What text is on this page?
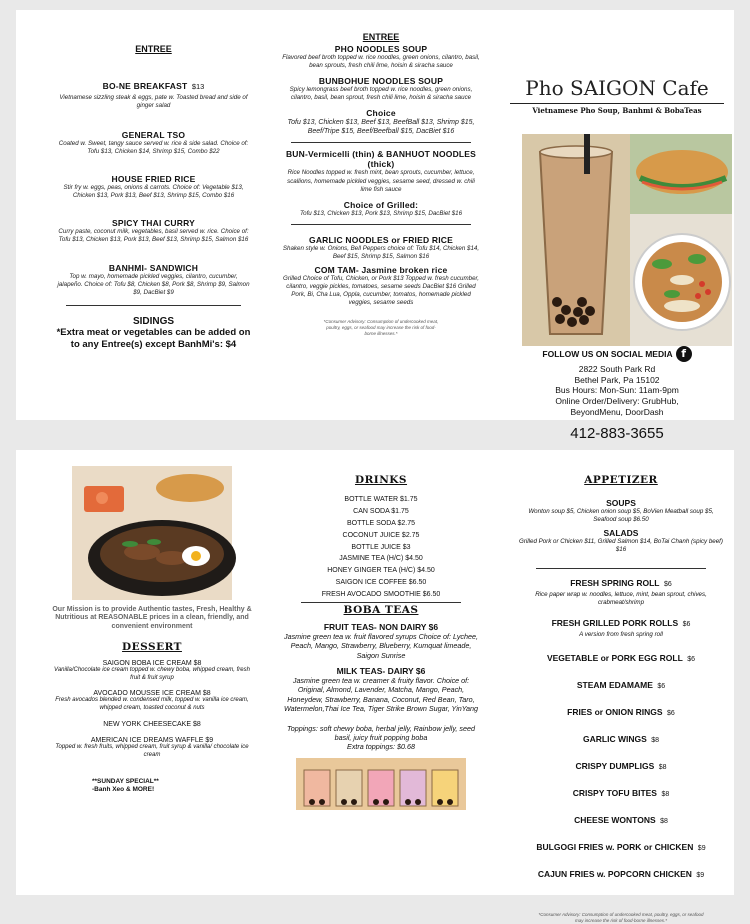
ENTREE
BO-NE BREAKFAST $13
Vietnamese sizzling steak & eggs, pate w. Toasted bread and side of ginger salad
GENERAL TSO
Coated w. Sweet, tangy sauce served w. rice & side salad. Choice of: Tofu $13, Chicken $14, Shrimp $15, Combo $22
HOUSE FRIED RICE
Stir fry w. eggs, peas, onions & carrots. Choice of: Vegetable $13, Chicken $13, Pork $13, Beef $13, Shrimp $15, Combo $16
SPICY THAI CURRY
Curry paste, coconut milk, vegetables, basil served w. rice. Choice of: Tofu $13, Chicken $13, Pork $13, Beef $13, Shrimp $15, Salmon $16
BANHMI- SANDWICH
Top w. mayo, homemade pickled veggies, cilantro, cucumber, jalapeño. Choice of: Tofu $8, Chicken $8, Pork $8, Shrimp $9, Salmon $9, DacBiet $9
SIDINGS
*Extra meat or vegetables can be added on to any Entree(s) except BanhMi's: $4
ENTREE
PHO NOODLES SOUP
Flavored beef broth topped w. rice noodles, green onions, cilantro, basil, bean sprouts, fresh chili lime, hoisin & siracha sauce
BUNBOHUE NOODLES SOUP
Spicy lemongrass beef broth topped w. rice noodles, green onions, cilantro, basil, bean sprout, fresh chili lime, hoisin & siracha sauce
Choice
Tofu $13, Chicken $13, Beef $13, BeefBall $13, Shrimp $15, Beef/Tripe $15, Beef/Beefball $15, DacBiet $16
BUN-Vermicelli (thin) & BANHUOT NOODLES (thick)
Rice Noodles topped w. fresh mint, bean sprouts, cucumber, lettuce, scallions, homemade pickled veggies, sesame seed, dressed w. chili lime fish sauce
Choice of Grilled:
Tofu $13, Chicken $13, Pork $13, Shrimp $15, DacBiet $16
GARLIC NOODLES or FRIED RICE
Shaken style w. Onions, Bell Peppers choice of: Tofu $14, Chicken $14, Beef $15, Shrimp $15, Salmon $16
COM TAM- Jasmine broken rice
Grilled Choice of Tofu, Chicken, or Pork $13 Topped w. fresh cucumber, cilantro, veggie pickles, tomatoes, sesame seeds DacBiet $16 Grilled Pork, Bi, Cha Lua, Oppla, cucumber, tomatos, homemade pickled veggies, sesame seeds
*Consumer Advisory: Consumption of undercooked meat, poultry, eggs, or seafood may increase the risk of food-borne illnesses.*
Pho SAIGON Cafe
Vietnamese Pho Soup, Banhmi & BobaTeas
FOLLOW US ON SOCIAL MEDIA f
2822 South Park Rd
Bethel Park, Pa 15102
Bus Hours: Mon-Sun: 11am-9pm
Online Order/Delivery: GrubHub,
BeyondMenu, DoorDash
412-883-3655
Our Mission is to provide Authentic tastes, Fresh, Healthy & Nutritious at REASONABLE prices in a clean, friendly, and convenient environment
DESSERT
SAIGON BOBA ICE CREAM $8
Vanilla/Chocolate ice cream topped w. chewy boba, whipped cream, fresh fruit & fruit syrup
AVOCADO MOUSSE ICE CREAM $8
Fresh avocados blended w. condensed milk, topped w. vanilla ice cream, whipped cream, toasted coconut & nuts
NEW YORK CHEESECAKE $8
AMERICAN ICE DREAMS WAFFLE $9
Topped w. fresh fruits, whipped cream, fruit syrup & vanilla/ chocolate ice cream
**SUNDAY SPECIAL**
-Banh Xeo & MORE!
DRINKS
BOTTLE WATER $1.75
CAN SODA $1.75
BOTTLE SODA $2.75
COCONUT JUICE $2.75
BOTTLE JUICE $3
JASMINE TEA (H/C) $4.50
HONEY GINGER TEA (H/C) $4.50
SAIGON ICE COFFEE $6.50
FRESH AVOCADO SMOOTHIE $6.50
BOBA TEAS
FRUIT TEAS- NON DAIRY $6
Jasmine green tea w. fruit flavored syrups Choice of: Lychee, Peach, Mango, Strawberry, Blueberry, Kumquat limeade, Saigon Sunrise
MILK TEAS- DAIRY $6
Jasmine green tea w. creamer & fruity flavor. Choice of: Original, Almond, Lavender, Matcha, Mango, Peach, Honeydew, Strawberry, Banana, Coconut, Red Bean, Taro, Watermelon,Thai Ice Tea, Tiger Strike Brown Sugar, YinYang
Toppings: soft chewy boba, herbal jelly, Rainbow jelly, seed basil, juicy fruit popping boba
Extra toppings: $0.68
APPETIZER
SOUPS
Wonton soup $5, Chicken onion soup $5, BoVien Meatball soup $5, Seafood soup $6.50
SALADS
Grilled Pork or Chicken $11, Grilled Salmon $14, BoTai Chanh (spicy beef) $16
FRESH SPRING ROLL $6
Rice paper wrap w. noodles, lettuce, mint, bean sprout, chives, crabmeat/shrimp
FRESH GRILLED PORK ROLLS $6
A version from fresh spring roll
VEGETABLE or PORK EGG ROLL $6
STEAM EDAMAME $6
FRIES or ONION RINGS $6
GARLIC WINGS $8
CRISPY DUMPLIGS $8
CRISPY TOFU BITES $8
CHEESE WONTONS $8
BULGOGI FRIES w. PORK or CHICKEN $9
CAJUN FRIES w. POPCORN CHICKEN $9
*Consumer Advisory: Consumption of undercooked meat, poultry, eggs, or seafood may increase the risk of food-borne illnesses.*
